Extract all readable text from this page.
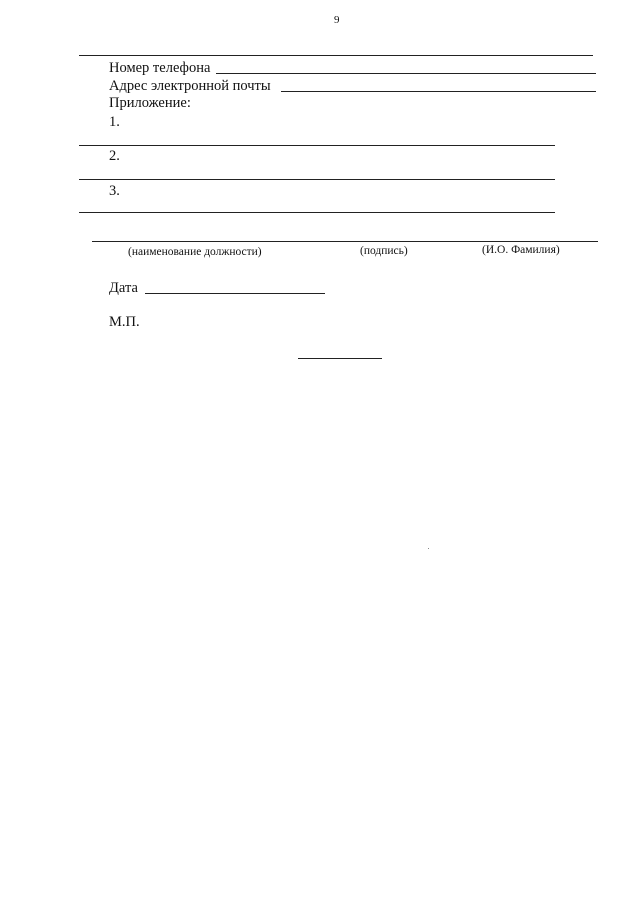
9
Номер телефона
Адрес электронной почты
Приложение:
1.
2.
3.
(наименование должности)	(подпись)	(И.О. Фамилия)
Дата
М.П.
